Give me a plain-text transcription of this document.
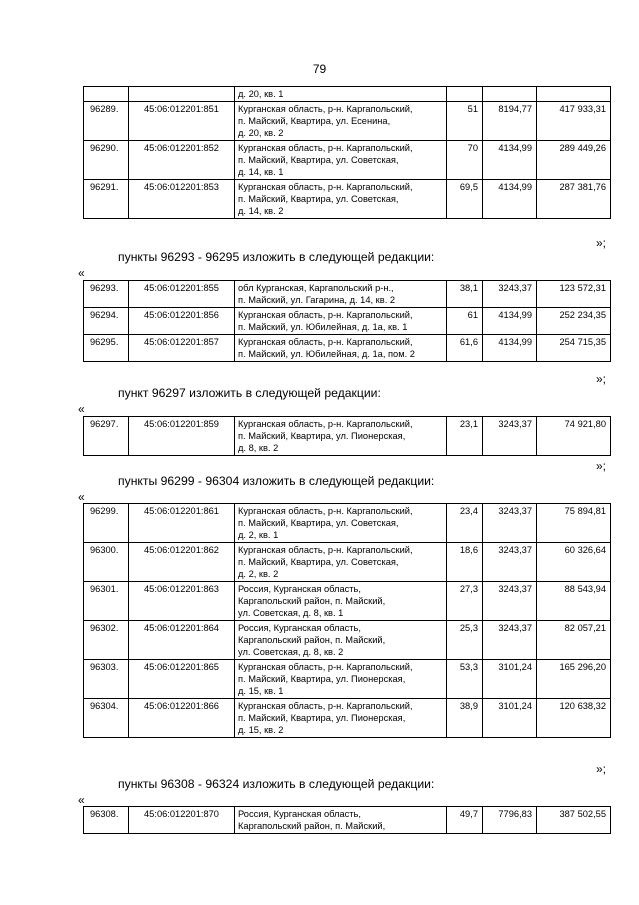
79
		д. 20, кв. 1			
96289.	45:06:012201:851	Курганская область, р-н. Каргапольский,
п. Майский, Квартира, ул. Есенина,
д. 20, кв. 2	51	8194,77	417 933,31
96290.	45:06:012201:852	Курганская область, р-н. Каргапольский,
п. Майский, Квартира, ул. Советская,
д. 14, кв. 1	70	4134,99	289 449,26
96291.	45:06:012201:853	Курганская область, р-н. Каргапольский,
п. Майский, Квартира, ул. Советская,
д. 14, кв. 2	69,5	4134,99	287 381,76
»;
пункты 96293 - 96295 изложить в следующей редакции:
«
96293.	45:06:012201:855	обл Курганская, Каргапольский р-н.,
п. Майский, ул. Гагарина, д. 14, кв. 2	38,1	3243,37	123 572,31
96294.	45:06:012201:856	Курганская область, р-н. Каргапольский,
п. Майский, ул. Юбилейная, д. 1а, кв. 1	61	4134,99	252 234,35
96295.	45:06:012201:857	Курганская область, р-н. Каргапольский,
п. Майский, ул. Юбилейная, д. 1а, пом. 2	61,6	4134,99	254 715,35
»;
пункт 96297 изложить в следующей редакции:
«
96297.	45:06:012201:859	Курганская область, р-н. Каргапольский,
п. Майский, Квартира, ул. Пионерская,
д. 8, кв. 2	23,1	3243,37	74 921,80
»;
пункты 96299 - 96304 изложить в следующей редакции:
«
96299.	45:06:012201:861	Курганская область, р-н. Каргапольский,
п. Майский, Квартира, ул. Советская,
д. 2, кв. 1	23,4	3243,37	75 894,81
96300.	45:06:012201:862	Курганская область, р-н. Каргапольский,
п. Майский, Квартира, ул. Советская,
д. 2, кв. 2	18,6	3243,37	60 326,64
96301.	45:06:012201:863	Россия, Курганская область,
Каргапольский район, п. Майский,
ул. Советская, д. 8, кв. 1	27,3	3243,37	88 543,94
96302.	45:06:012201:864	Россия, Курганская область,
Каргапольский район, п. Майский,
ул. Советская, д. 8, кв. 2	25,3	3243,37	82 057,21
96303.	45:06:012201:865	Курганская область, р-н. Каргапольский,
п. Майский, Квартира, ул. Пионерская,
д. 15, кв. 1	53,3	3101,24	165 296,20
96304.	45:06:012201:866	Курганская область, р-н. Каргапольский,
п. Майский, Квартира, ул. Пионерская,
д. 15, кв. 2	38,9	3101,24	120 638,32
»;
пункты 96308 - 96324 изложить в следующей редакции:
«
96308.	45:06:012201:870	Россия, Курганская область,
Каргапольский район, п. Майский,	49,7	7796,83	387 502,55
